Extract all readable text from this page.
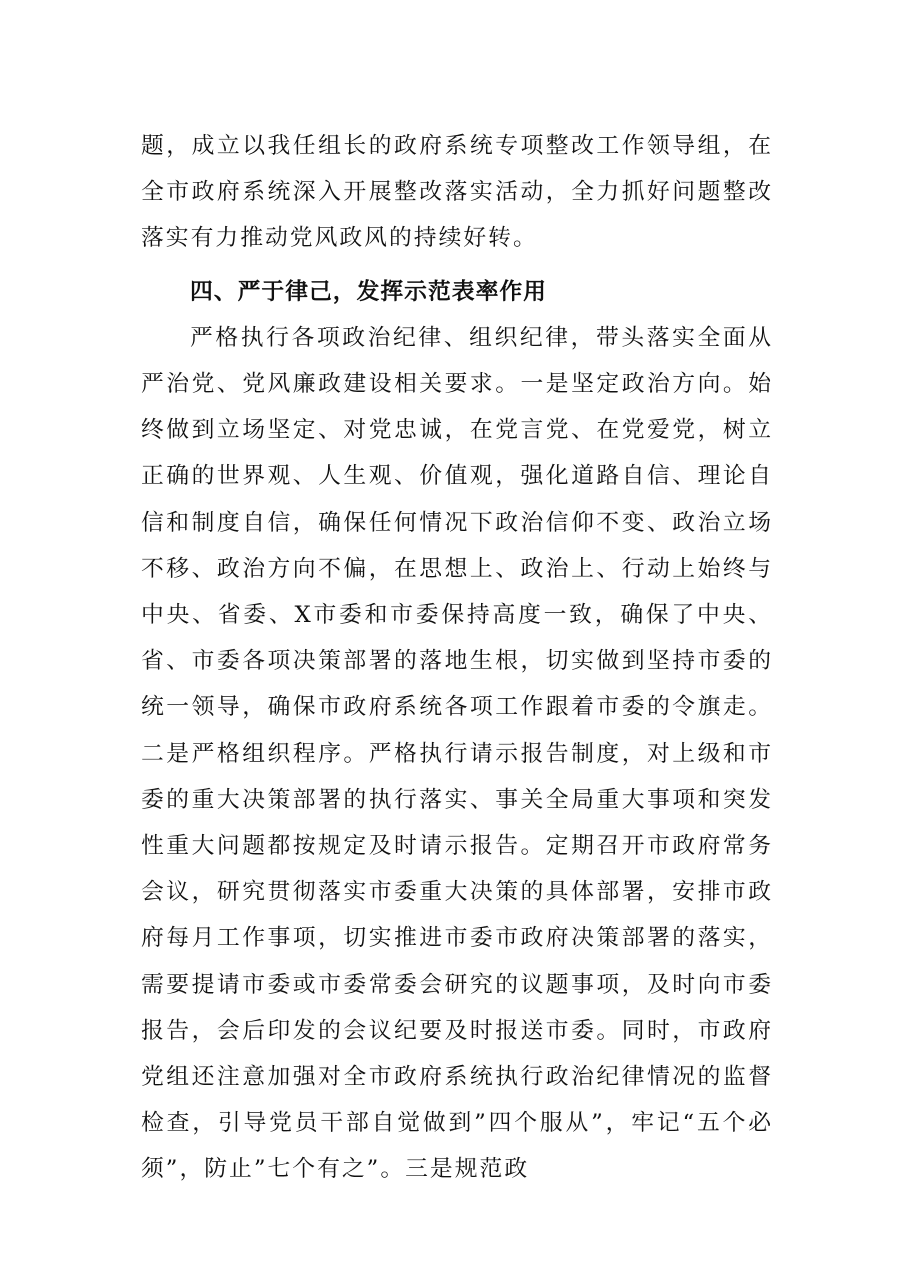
题，成立以我任组长的政府系统专项整改工作领导组，在全市政府系统深入开展整改落实活动，全力抓好问题整改落实有力推动党风政风的持续好转。

四、严于律己，发挥示范表率作用

严格执行各项政治纪律、组织纪律，带头落实全面从严治党、党风廉政建设相关要求。一是坚定政治方向。始终做到立场坚定、对党忠诚，在党言党、在党爱党，树立正确的世界观、人生观、价值观，强化道路自信、理论自信和制度自信，确保任何情况下政治信仰不变、政治立场不移、政治方向不偏，在思想上、政治上、行动上始终与中央、省委、X市委和市委保持高度一致，确保了中央、省、市委各项决策部署的落地生根，切实做到坚持市委的统一领导，确保市政府系统各项工作跟着市委的令旗走。二是严格组织程序。严格执行请示报告制度，对上级和市委的重大决策部署的执行落实、事关全局重大事项和突发性重大问题都按规定及时请示报告。定期召开市政府常务会议，研究贯彻落实市委重大决策的具体部署，安排市政府每月工作事项，切实推进市委市政府决策部署的落实，需要提请市委或市委常委会研究的议题事项，及时向市委报告，会后印发的会议纪要及时报送市委。同时，市政府党组还注意加强对全市政府系统执行政治纪律情况的监督检查，引导党员干部自觉做到”四个服从”，牢记“五个必须”，防止”七个有之”。三是规范政
